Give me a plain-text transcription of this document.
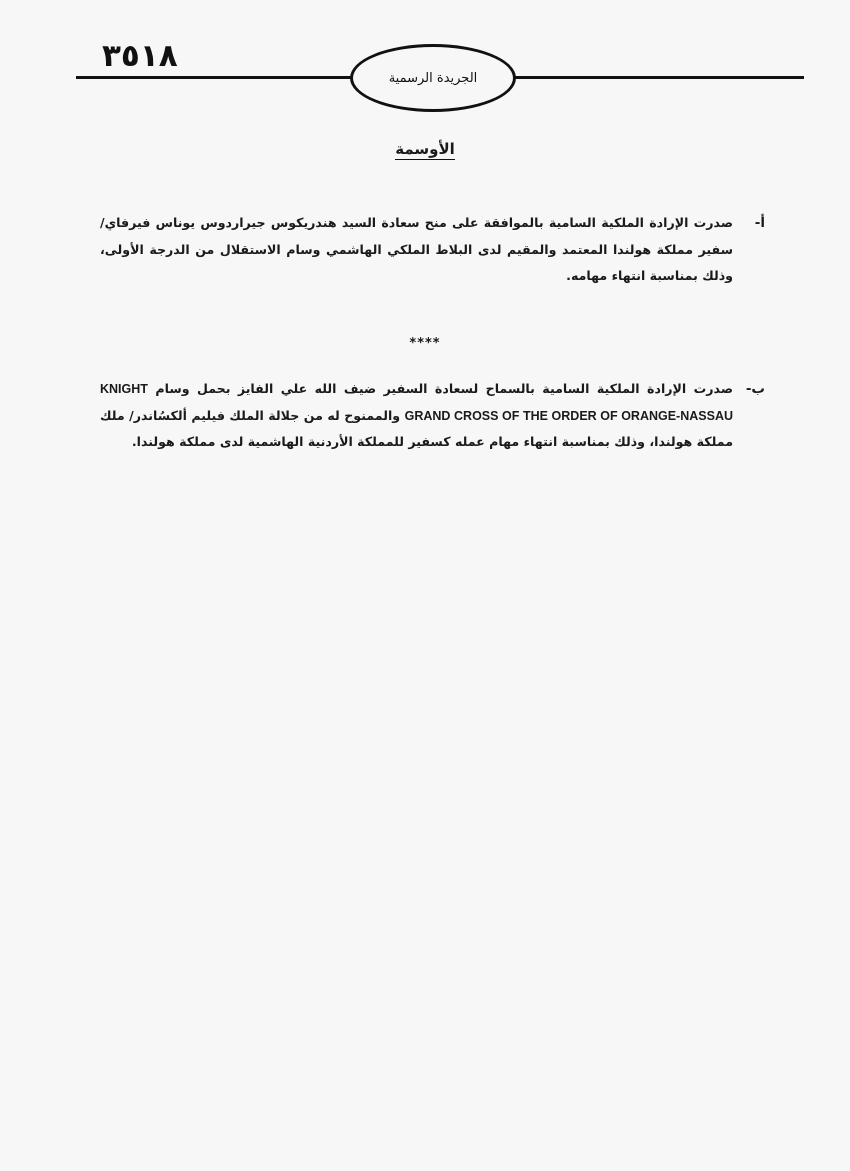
٣٥١٨
الجريدة الرسمية
الأوسمة
أ-
صدرت الإرادة الملكية السامية بالموافقة على منح سعادة السيد هندريكوس جيراردوس يوناس فيرفاي/ سفير مملكة هولندا المعتمد والمقيم لدى البلاط الملكي الهاشمي وسام الاستقلال من الدرجة الأولى، وذلك بمناسبة انتهاء مهامه.
****
ب-
صدرت الإرادة الملكية السامية بالسماح لسعادة السفير ضيف الله علي الفايز بحمل وسام KNIGHT GRAND CROSS OF THE ORDER OF ORANGE-NASSAU والممنوح له من جلالة الملك فيليم ألكسُاندر/ ملك مملكة هولندا، وذلك بمناسبة انتهاء مهام عمله كسفير للمملكة الأردنية الهاشمية لدى مملكة هولندا.
